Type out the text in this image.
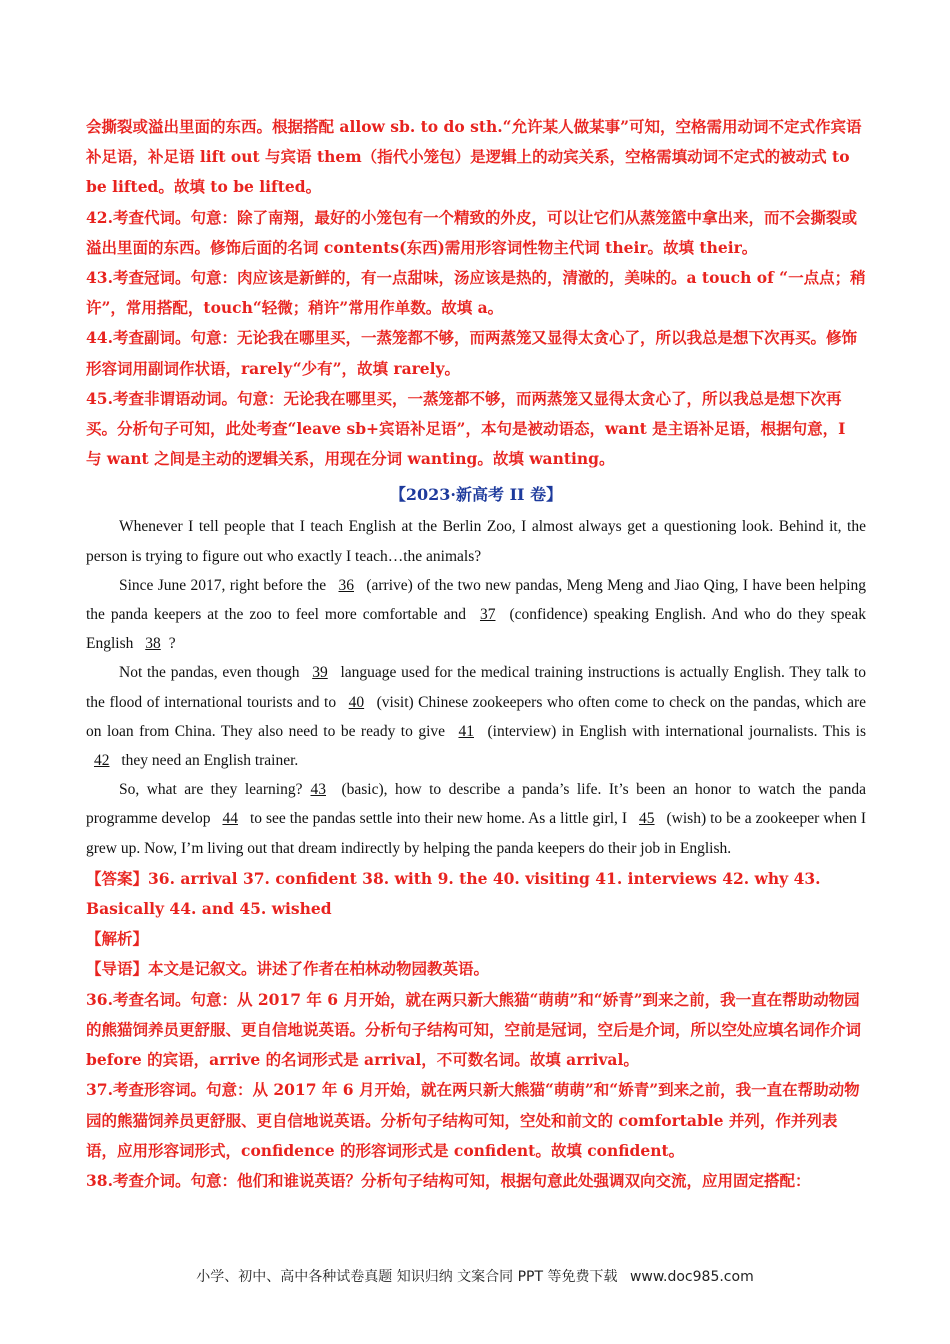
会撕裂或溢出里面的东西。根据搭配 allow sb. to do sth.“允许某人做某事”可知，空格需用动词不定式作宾语补足语，补足语 lift out 与宾语 them（指代小笼包）是逻辑上的动宾关系，空格需填动词不定式的被动式 to be lifted。故填 to be lifted。

42.考查代词。句意：除了南翔，最好的小笼包有一个精致的外皮，可以让它们从蒸笼篮中拿出来，而不会撕裂或溢出里面的东西。修饰后面的名词 contents(东西)需用形容词性物主代词 their。故填 their。

43.考查冠词。句意：肉应该是新鲜的，有一点甜味，汤应该是热的，清澈的，美味的。a touch of “一点点；稍许”，常用搭配，touch“轻微；稍许”常用作单数。故填 a。

44.考查副词。句意：无论我在哪里买，一蒸笼都不够，而两蒸笼又显得太贪心了，所以我总是想下次再买。修饰形容词用副词作状语，rarely“少有”，故填 rarely。

45.考查非谓语动词。句意：无论我在哪里买，一蒸笼都不够，而两蒸笼又显得太贪心了，所以我总是想下次再买。分析句子可知，此处考查“leave sb+宾语补足语”，本句是被动语态，want 是主语补足语，根据句意，I 与 want 之间是主动的逻辑关系，用现在分词 wanting。故填 wanting。

【2023·新高考 II 卷】

Whenever I tell people that I teach English at the Berlin Zoo, I almost always get a questioning look. Behind it, the person is trying to figure out who exactly I teach…the animals?

Since June 2017, right before the 36 (arrive) of the two new pandas, Meng Meng and Jiao Qing, I have been helping the panda keepers at the zoo to feel more comfortable and 37 (confidence) speaking English. And who do they speak English 38 ?

Not the pandas, even though 39 language used for the medical training instructions is actually English. They talk to the flood of international tourists and to 40 (visit) Chinese zookeepers who often come to check on the pandas, which are on loan from China. They also need to be ready to give 41 (interview) in English with international journalists. This is 42 they need an English trainer.

So, what are they learning? 43 (basic), how to describe a panda’s life. It’s been an honor to watch the panda programme develop 44 to see the pandas settle into their new home. As a little girl, I 45 (wish) to be a zookeeper when I grew up. Now, I’m living out that dream indirectly by helping the panda keepers do their job in English.

【答案】36. arrival 37. confident 38. with 9. the 40. visiting 41. interviews 42. why 43. Basically 44. and 45. wished

【解析】

【导语】本文是记叙文。讲述了作者在柏林动物园教英语。

36.考查名词。句意：从 2017 年 6 月开始，就在两只新大熊猫“萌萌”和“娇青”到来之前，我一直在帮助动物园的熊猫饲养员更舒服、更自信地说英语。分析句子结构可知，空前是冠词，空后是介词，所以空处应填名词作介词 before 的宾语，arrive 的名词形式是 arrival，不可数名词。故填 arrival。

37.考查形容词。句意：从 2017 年 6 月开始，就在两只新大熊猫“萌萌”和“娇青”到来之前，我一直在帮助动物园的熊猫饲养员更舒服、更自信地说英语。分析句子结构可知，空处和前文的 comfortable 并列，作并列表语，应用形容词形式，confidence 的形容词形式是 confident。故填 confident。

38.考查介词。句意：他们和谁说英语？分析句子结构可知，根据句意此处强调双向交流，应用固定搭配：

小学、初中、高中各种试卷真题 知识归纳 文案合同 PPT 等免费下载 www.doc985.com
